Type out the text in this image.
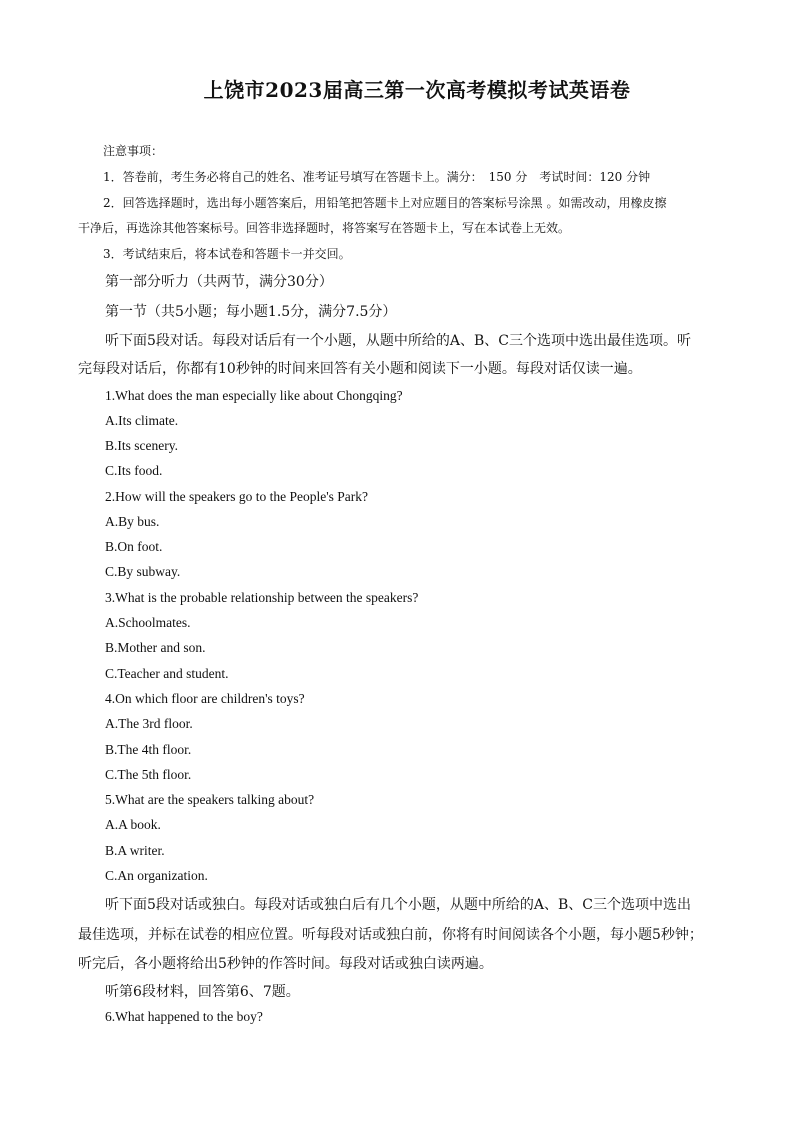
上饶市2023届高三第一次高考模拟考试英语卷
注意事项：
1．答卷前，考生务必将自己的姓名、准考证号填写在答题卡上。满分：　150 分　考试时间：120 分钟
2．回答选择题时，选出每小题答案后，用铅笔把答题卡上对应题目的答案标号涂黑 。如需改动，用橡皮擦
干净后，再选涂其他答案标号。回答非选择题时，将答案写在答题卡上，写在本试卷上无效。
3．考试结束后，将本试卷和答题卡一并交回。
第一部分听力（共两节，满分30分）
第一节（共5小题；每小题1.5分，满分7.5分）
听下面5段对话。每段对话后有一个小题，从题中所给的A、B、C三个选项中选出最佳选项。听
完每段对话后，你都有10秒钟的时间来回答有关小题和阅读下一小题。每段对话仅读一遍。
1.What does the man especially like about Chongqing?
A.Its climate.
B.Its scenery.
C.Its food.
2.How will the speakers go to the People's Park?
A.By bus.
B.On foot.
C.By subway.
3.What is the probable relationship between the speakers?
A.Schoolmates.
B.Mother and son.
C.Teacher and student.
4.On which floor are children's toys?
A.The 3rd floor.
B.The 4th floor.
C.The 5th floor.
5.What are the speakers talking about?
A.A book.
B.A writer.
C.An organization.
听下面5段对话或独白。每段对话或独白后有几个小题，从题中所给的A、B、C三个选项中选出
最佳选项，并标在试卷的相应位置。听每段对话或独白前，你将有时间阅读各个小题，每小题5秒钟；
听完后，各小题将给出5秒钟的作答时间。每段对话或独白读两遍。
听第6段材料，回答第6、7题。
6.What happened to the boy?
